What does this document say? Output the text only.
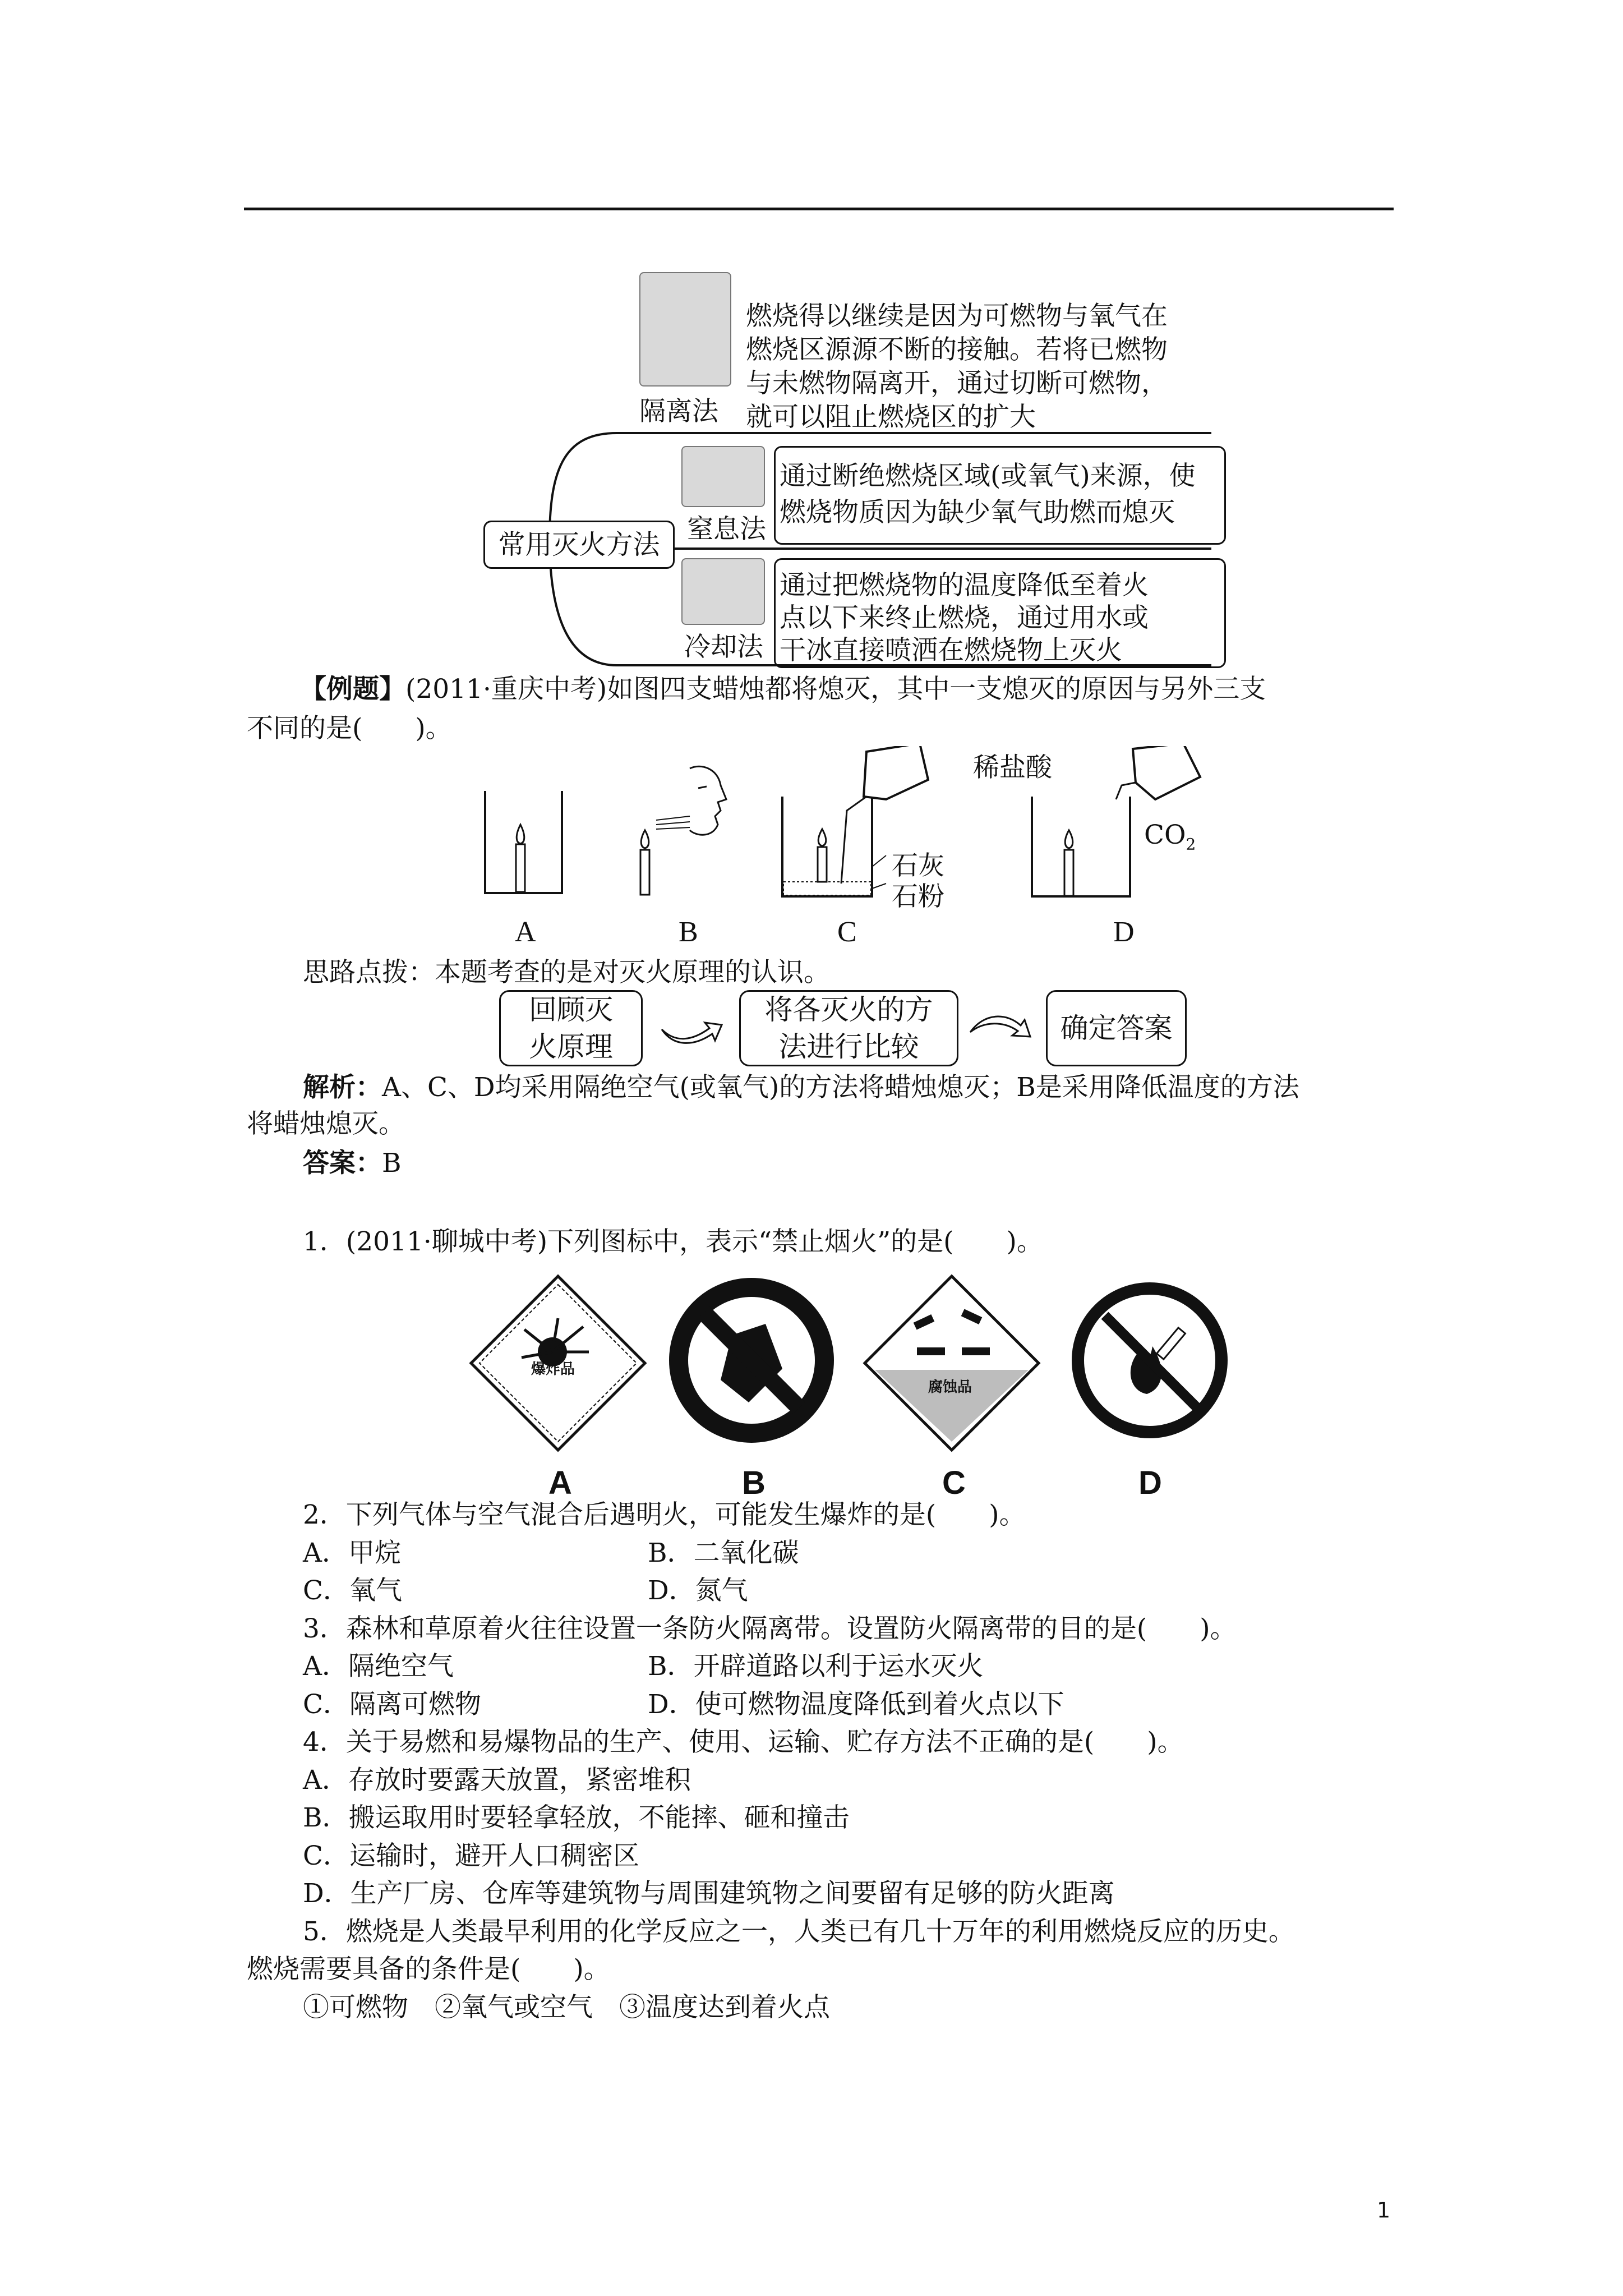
常用灭火方法
隔离法
燃烧得以继续是因为可燃物与氧气在
燃烧区源源不断的接触。若将已燃物
与未燃物隔离开，通过切断可燃物，
就可以阻止燃烧区的扩大
窒息法
通过断绝燃烧区域(或氧气)来源，使
燃烧物质因为缺少氧气助燃而熄灭
冷却法
通过把燃烧物的温度降低至着火
点以下来终止燃烧，通过用水或
干冰直接喷洒在燃烧物上灭火
【例题】(2011·重庆中考)如图四支蜡烛都将熄灭，其中一支熄灭的原因与另外三支
不同的是(　　)。
稀盐酸
石灰
石粉
$CO_2$
A	B	C	D
思路点拨：本题考查的是对灭火原理的认识。
回顾灭
火原理
将各灭火的方
法进行比较
确定答案
解析：A、C、D均采用隔绝空气(或氧气)的方法将蜡烛熄灭；B是采用降低温度的方法
将蜡烛熄灭。
答案：B
1．(2011·聊城中考)下列图标中，表示“禁止烟火”的是(　　)。
爆炸品
腐蚀品
A	B	C	D
2．下列气体与空气混合后遇明火，可能发生爆炸的是(　　)。
A．甲烷	B．二氧化碳
C．氧气	D．氮气
3．森林和草原着火往往设置一条防火隔离带。设置防火隔离带的目的是(　　)。
A．隔绝空气	B．开辟道路以利于运水灭火
C．隔离可燃物	D．使可燃物温度降低到着火点以下
4．关于易燃和易爆物品的生产、使用、运输、贮存方法不正确的是(　　)。
A．存放时要露天放置，紧密堆积
B．搬运取用时要轻拿轻放，不能摔、砸和撞击
C．运输时，避开人口稠密区
D．生产厂房、仓库等建筑物与周围建筑物之间要留有足够的防火距离
5．燃烧是人类最早利用的化学反应之一，人类已有几十万年的利用燃烧反应的历史。
燃烧需要具备的条件是(　　)。
①可燃物　②氧气或空气　③温度达到着火点
1
